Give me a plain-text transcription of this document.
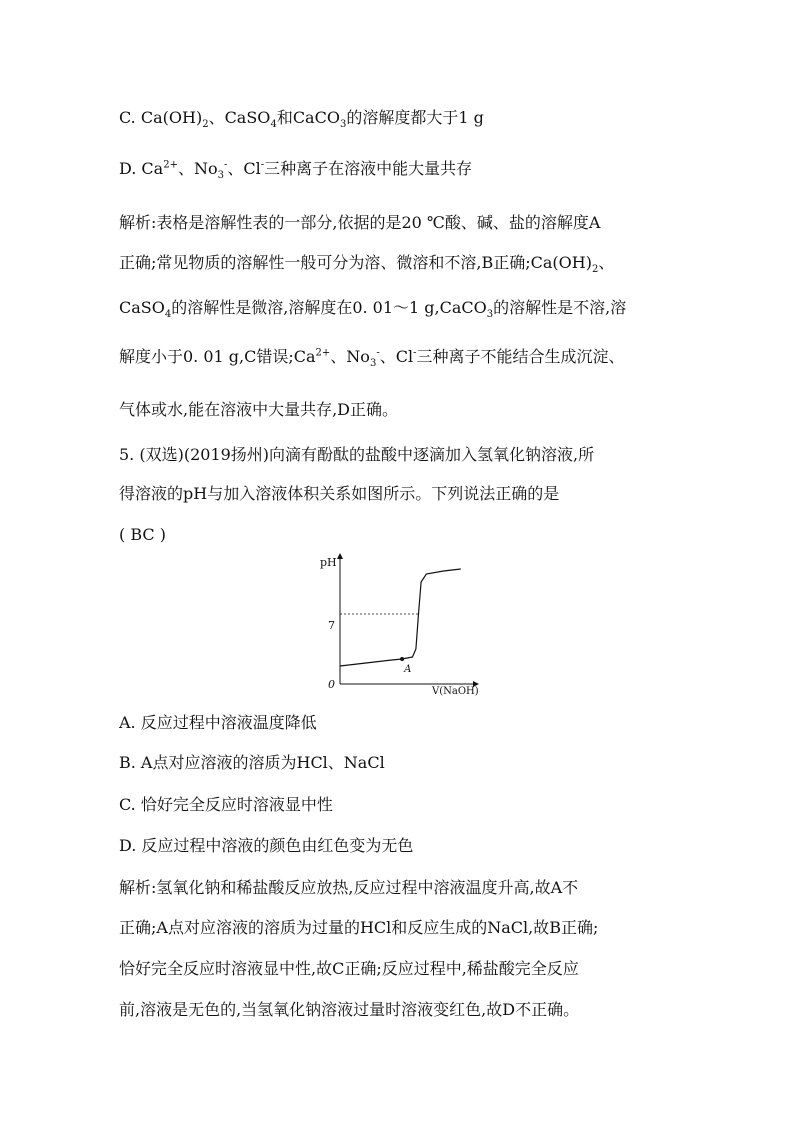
C. $Ca(OH)_2$、CaSO$_4$和CaCO$_3$的溶解度都大于1 g
D. $Ca^{2+}$、$No_3^-$、Cl-三种离子在溶液中能大量共存
解析:表格是溶解性表的一部分,依据的是20 ℃酸、碱、盐的溶解度A
正确;常见物质的溶解性一般可分为溶、微溶和不溶,B正确$;Ca(OH)_2$、
CaSO$_4$的溶解性是微溶,溶解度在0. 01～1 g,CaCO$_3$的溶解性是不溶,溶
解度小于0. 01 g,C错误$;Ca^{2+}$、$No_3^-$、Cl-三种离子不能结合生成沉淀、
气体或水,能在溶液中大量共存,D正确。
5. (双选)(2019扬州)向滴有酚酞的盐酸中逐滴加入氢氧化钠溶液,所
得溶液的pH与加入溶液体积关系如图所示。下列说法正确的是
( BC )
pH
V(NaOH)
0
7
A
A. 反应过程中溶液温度降低
B. A点对应溶液的溶质为HCl、NaCl
C. 恰好完全反应时溶液显中性
D. 反应过程中溶液的颜色由红色变为无色
解析:氢氧化钠和稀盐酸反应放热,反应过程中溶液温度升高,故A不
正确;A点对应溶液的溶质为过量的HCl和反应生成的NaCl,故B正确;
恰好完全反应时溶液显中性,故C正确;反应过程中,稀盐酸完全反应
前,溶液是无色的,当氢氧化钠溶液过量时溶液变红色,故D不正确。
